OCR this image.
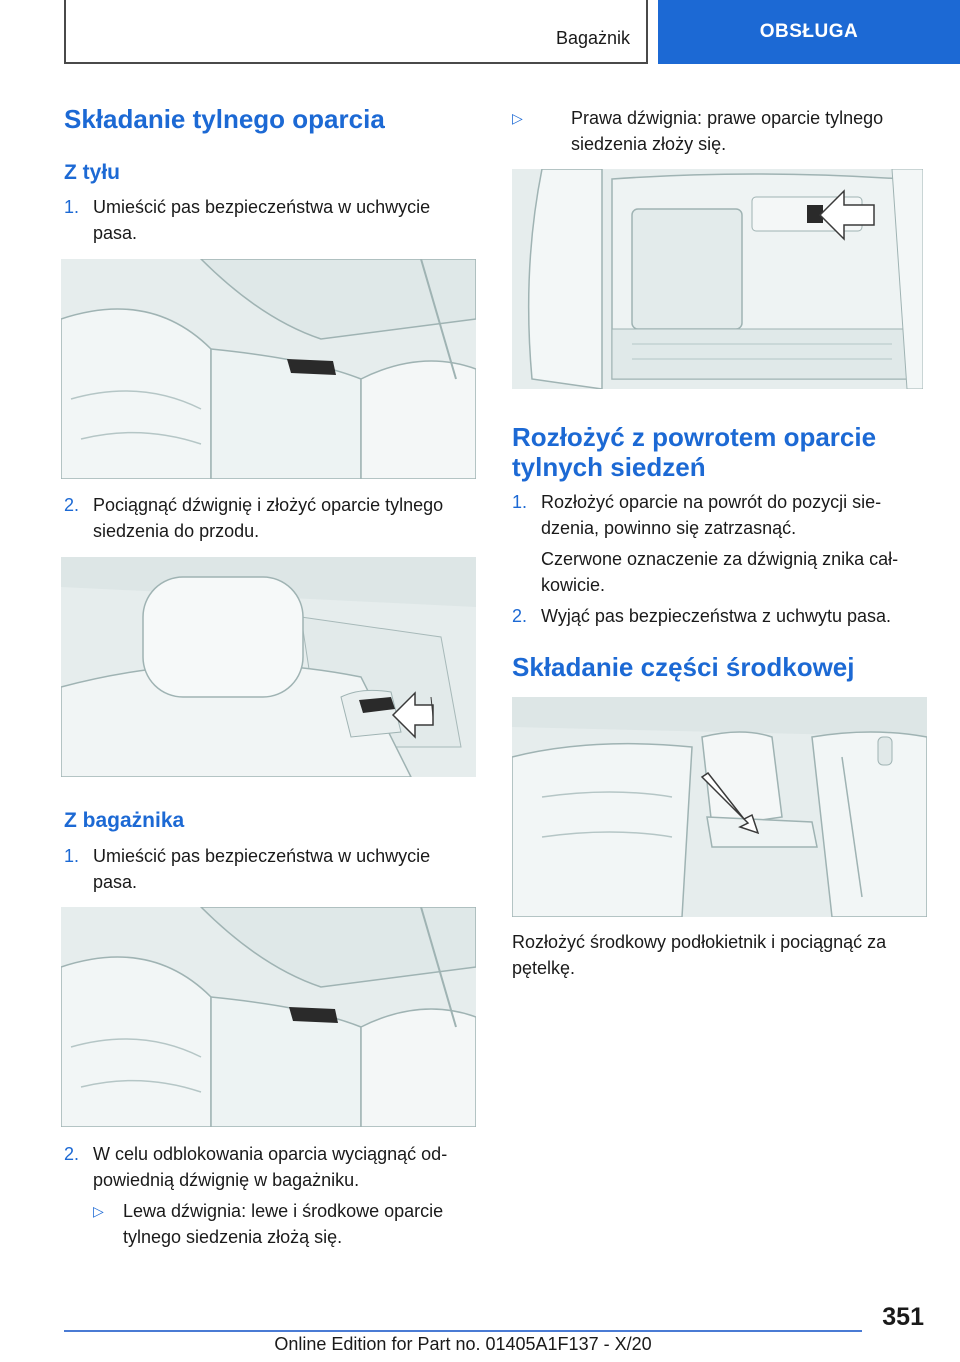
Bagażnik	OBSŁUGA
Składanie tylnego oparcia
Z tyłu
1. Umieścić pas bezpieczeństwa w uchwycie
pasa.
2. Pociągnąć dźwignię i złożyć oparcie tylnego
siedzenia do przodu.
Z bagażnika
1. Umieścić pas bezpieczeństwa w uchwycie
pasa.
2. W celu odblokowania oparcia wyciągnąć od-
powiednią dźwignię w bagażniku.
▷ Lewa dźwignia: lewe i środkowe oparcie
tylnego siedzenia złożą się.
▷	Prawa dźwignia: prawe oparcie tylnego
siedzenia złoży się.
Rozłożyć z powrotem oparcie
tylnych siedzeń
1. Rozłożyć oparcie na powrót do pozycji sie-
dzenia, powinno się zatrzasnąć.
Czerwone oznaczenie za dźwignią znika cał-
kowicie.
2. Wyjąć pas bezpieczeństwa z uchwytu pasa.
Składanie części środkowej
Rozłożyć środkowy podłokietnik i pociągnąć za
pętelkę.
351
Online Edition for Part no. 01405A1F137 - X/20
